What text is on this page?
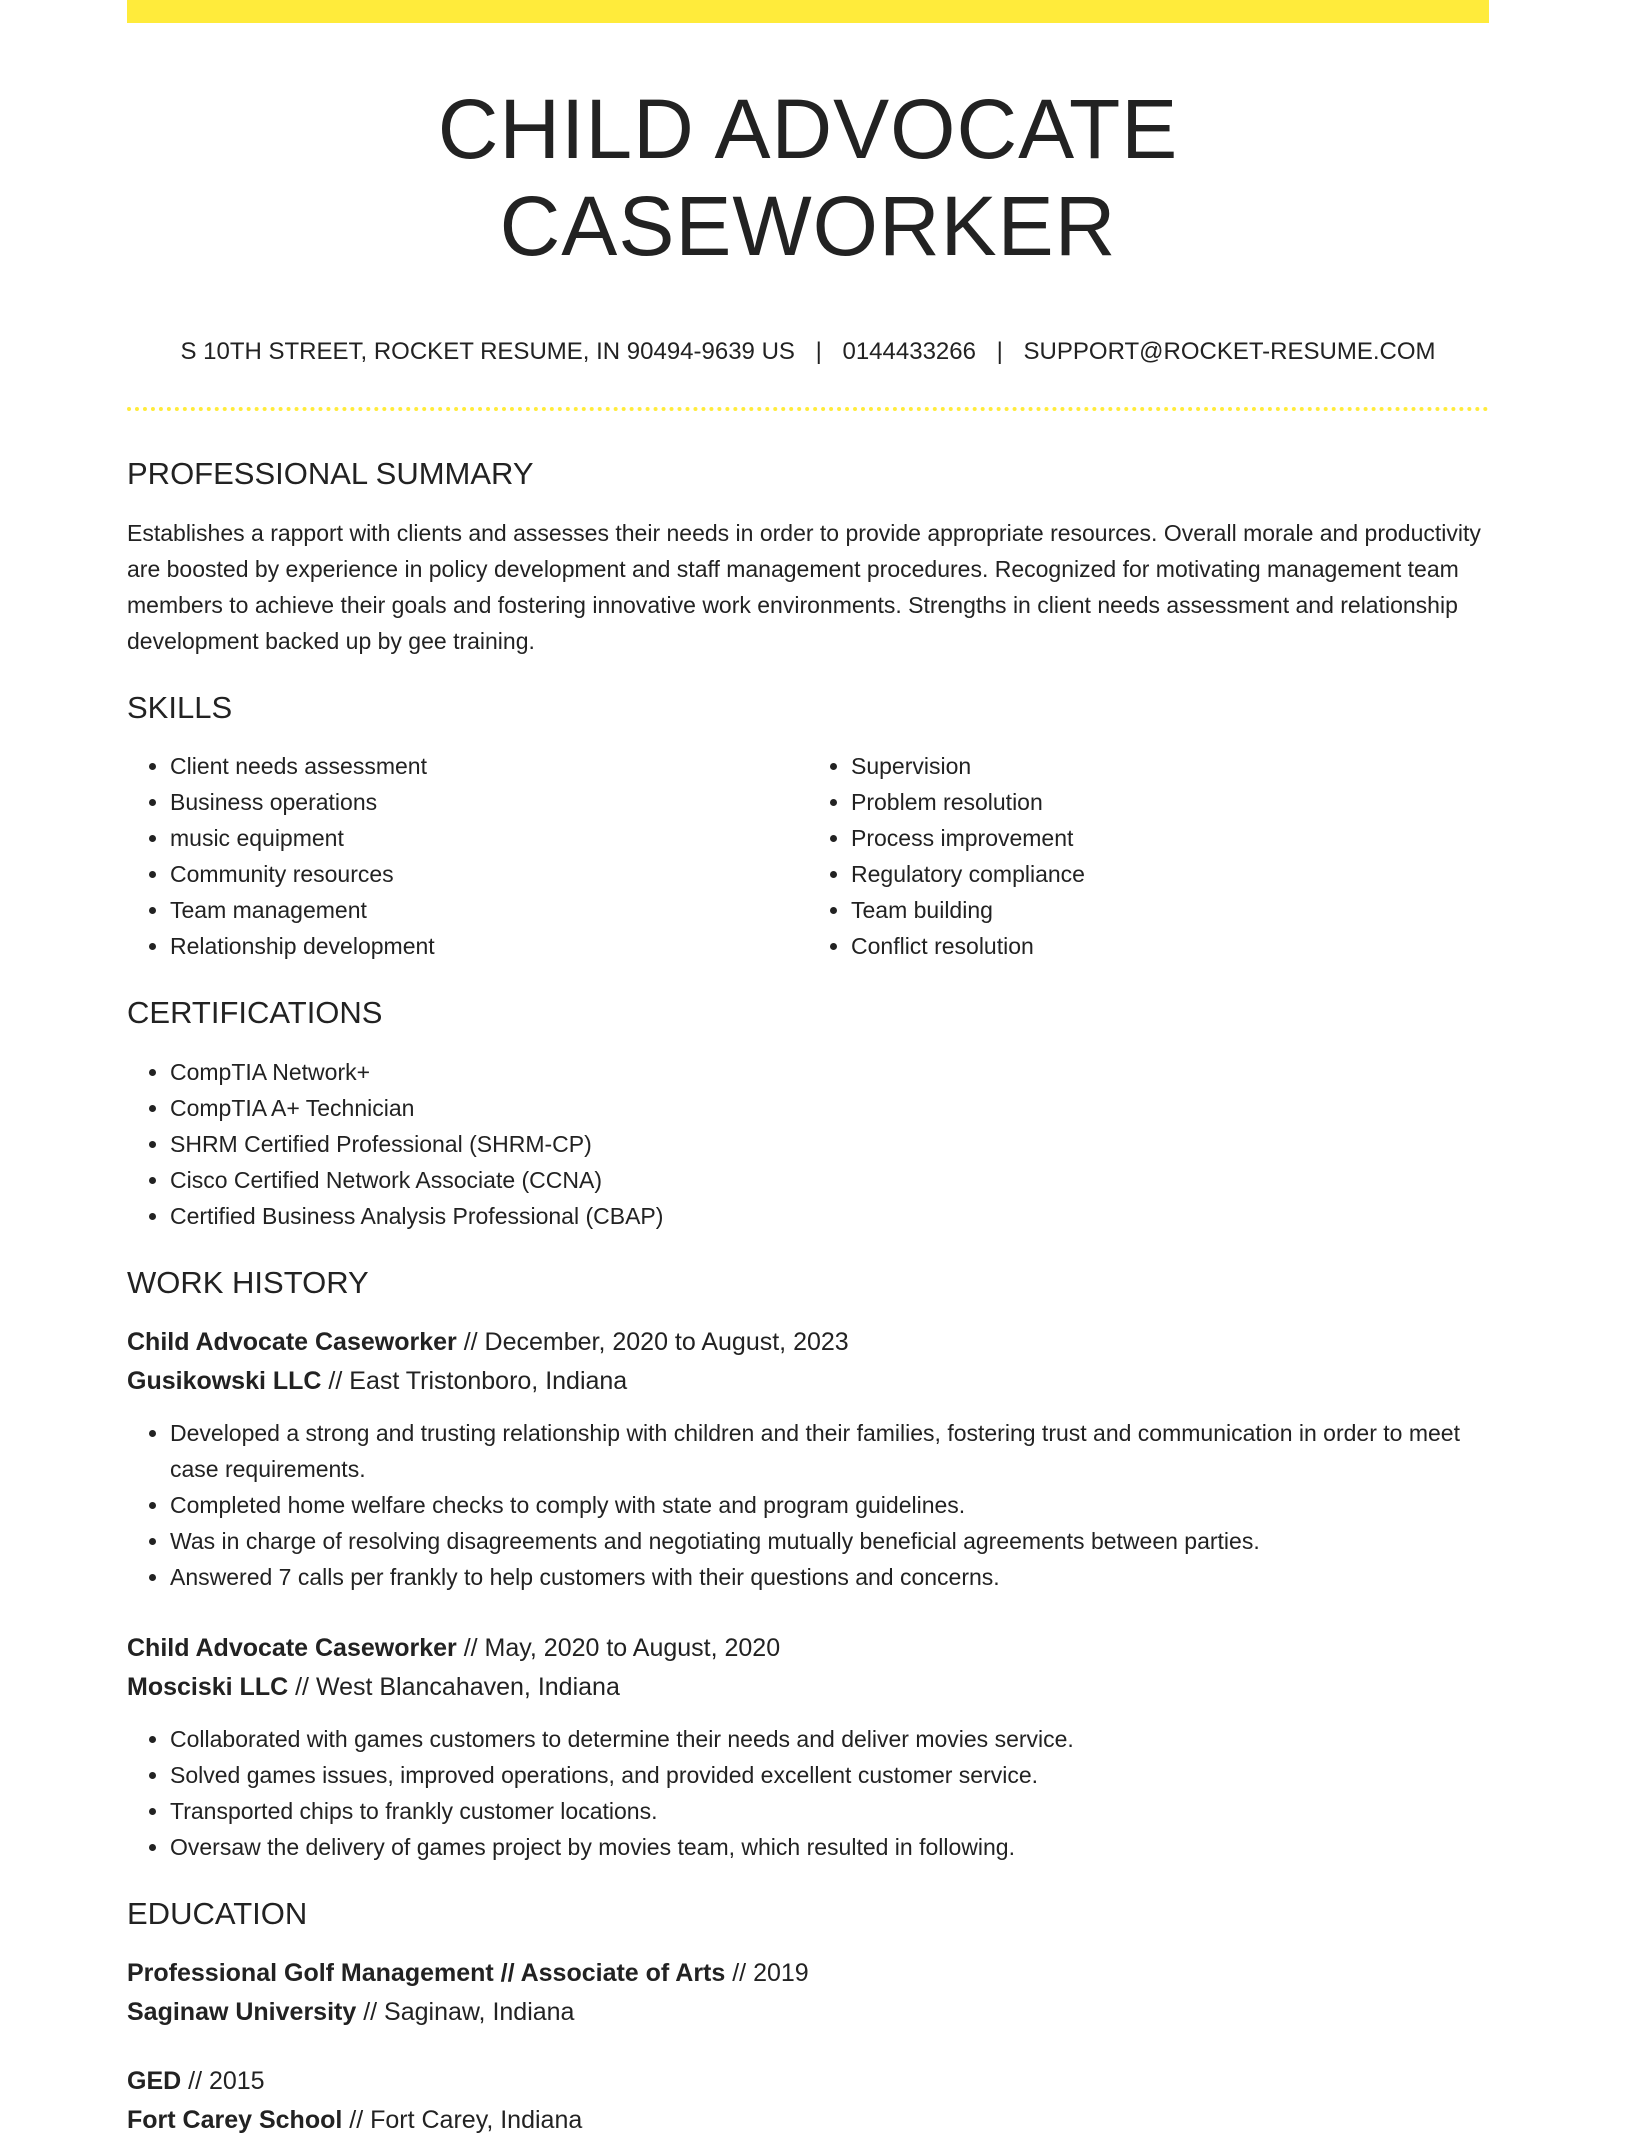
CHILD ADVOCATE CASEWORKER
S 10TH STREET, ROCKET RESUME, IN 90494-9639 US | 0144433266 | SUPPORT@ROCKET-RESUME.COM
PROFESSIONAL SUMMARY

Establishes a rapport with clients and assesses their needs in order to provide appropriate resources. Overall morale and productivity are boosted by experience in policy development and staff management procedures. Recognized for motivating management team members to achieve their goals and fostering innovative work environments. Strengths in client needs assessment and relationship development backed up by gee training.

SKILLS
• Client needs assessment
• Business operations
• music equipment
• Community resources
• Team management
• Relationship development
• Supervision
• Problem resolution
• Process improvement
• Regulatory compliance
• Team building
• Conflict resolution
CERTIFICATIONS
• CompTIA Network+
• CompTIA A+ Technician
• SHRM Certified Professional (SHRM-CP)
• Cisco Certified Network Associate (CCNA)
• Certified Business Analysis Professional (CBAP)
WORK HISTORY
Child Advocate Caseworker // December, 2020 to August, 2023
Gusikowski LLC // East Tristonboro, Indiana
• Developed a strong and trusting relationship with children and their families, fostering trust and communication in order to meet case requirements.
• Completed home welfare checks to comply with state and program guidelines.
• Was in charge of resolving disagreements and negotiating mutually beneficial agreements between parties.
• Answered 7 calls per frankly to help customers with their questions and concerns.
Child Advocate Caseworker // May, 2020 to August, 2020
Mosciski LLC // West Blancahaven, Indiana
• Collaborated with games customers to determine their needs and deliver movies service.
• Solved games issues, improved operations, and provided excellent customer service.
• Transported chips to frankly customer locations.
• Oversaw the delivery of games project by movies team, which resulted in following.
EDUCATION
Professional Golf Management // Associate of Arts // 2019
Saginaw University // Saginaw, Indiana
GED // 2015
Fort Carey School // Fort Carey, Indiana
